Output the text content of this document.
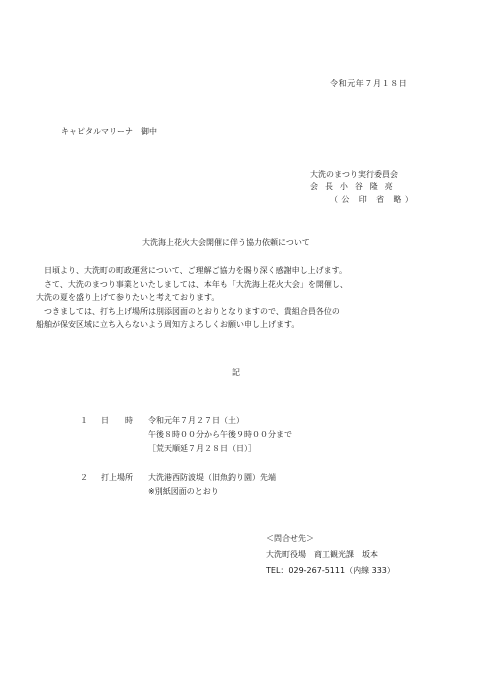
令和元年７月１８日
キャピタルマリーナ　御中
大洗のまつり実行委員会
会 長 小 谷 隆 亮
（公 印 省 略）
大洗海上花火大会開催に伴う協力依頼について

　日頃より、大洗町の町政運営について、ご理解ご協力を賜り深く感謝申し上げます。

　さて、大洗のまつり事業といたしましては、本年も「大洗海上花火大会」を開催し、

大洗の夏を盛り上げて参りたいと考えております。

　つきましては、打ち上げ場所は別添図面のとおりとなりますので、貴組合員各位の

船舶が保安区域に立ち入らないよう周知方よろしくお願い申し上げます。

記
１ 日　　時 令和元年７月２７日（土）
午後８時００分から午後９時００分まで
［荒天順延７月２８日（日）］
２ 打上場所 大洗港西防波堤（旧魚釣り園）先端
※別紙図面のとおり
＜問合せ先＞
大洗町役場　商工観光課　坂本
TEL：029-267-5111（内線 333）
